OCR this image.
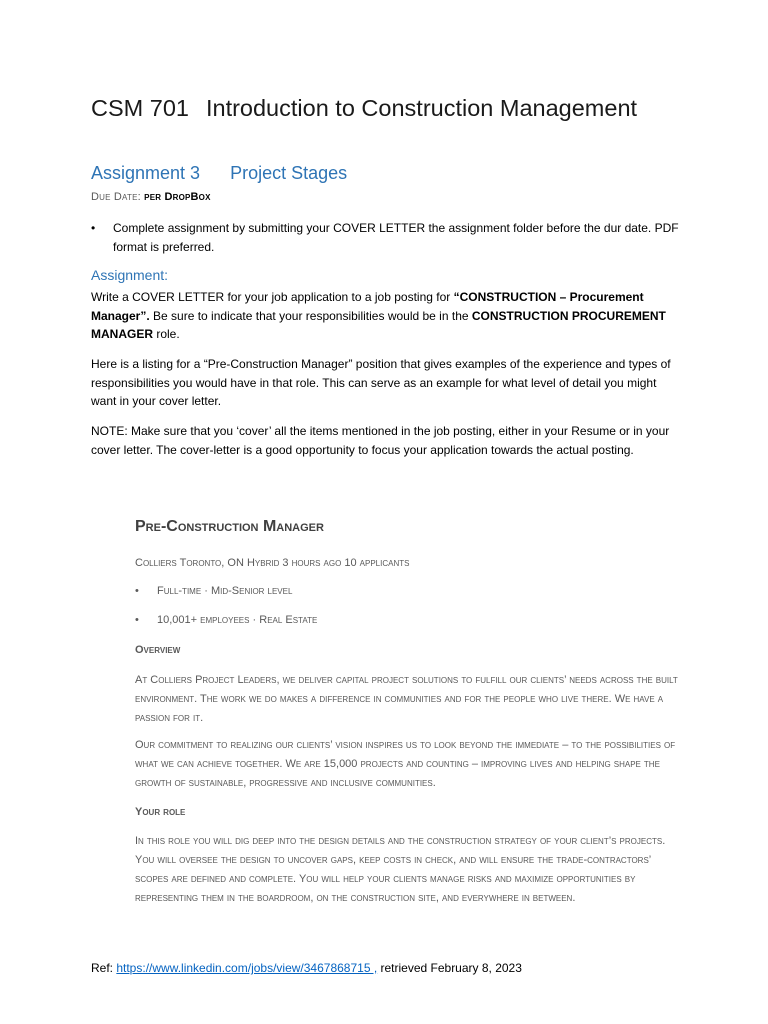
CSM 701 Introduction to Construction Management
Assignment 3 Project Stages
Due Date: per DropBox
• Complete assignment by submitting your COVER LETTER the assignment folder before the dur date. PDF format is preferred.
Assignment:

Write a COVER LETTER for your job application to a job posting for “CONSTRUCTION – Procurement Manager”. Be sure to indicate that your responsibilities would be in the CONSTRUCTION PROCUREMENT MANAGER role.

Here is a listing for a “Pre-Construction Manager” position that gives examples of the experience and types of responsibilities you would have in that role. This can serve as an example for what level of detail you might want in your cover letter.

NOTE: Make sure that you ‘cover’ all the items mentioned in the job posting, either in your Resume or in your cover letter. The cover-letter is a good opportunity to focus your application towards the actual posting.

Pre-Construction Manager
Colliers Toronto, ON Hybrid 3 hours ago 10 applicants
• Full-time · Mid-Senior level
• 10,001+ employees · Real Estate
Overview

At Colliers Project Leaders, we deliver capital project solutions to fulfill our clients’ needs across the built environment. The work we do makes a difference in communities and for the people who live there. We have a passion for it.

Our commitment to realizing our clients’ vision inspires us to look beyond the immediate – to the possibilities of what we can achieve together. We are 15,000 projects and counting – improving lives and helping shape the growth of sustainable, progressive and inclusive communities.

Your role

In this role you will dig deep into the design details and the construction strategy of your client’s projects. You will oversee the design to uncover gaps, keep costs in check, and will ensure the trade-contractors’ scopes are defined and complete. You will help your clients manage risks and maximize opportunities by representing them in the boardroom, on the construction site, and everywhere in between.

Ref: https://www.linkedin.com/jobs/view/3467868715 , retrieved February 8, 2023
